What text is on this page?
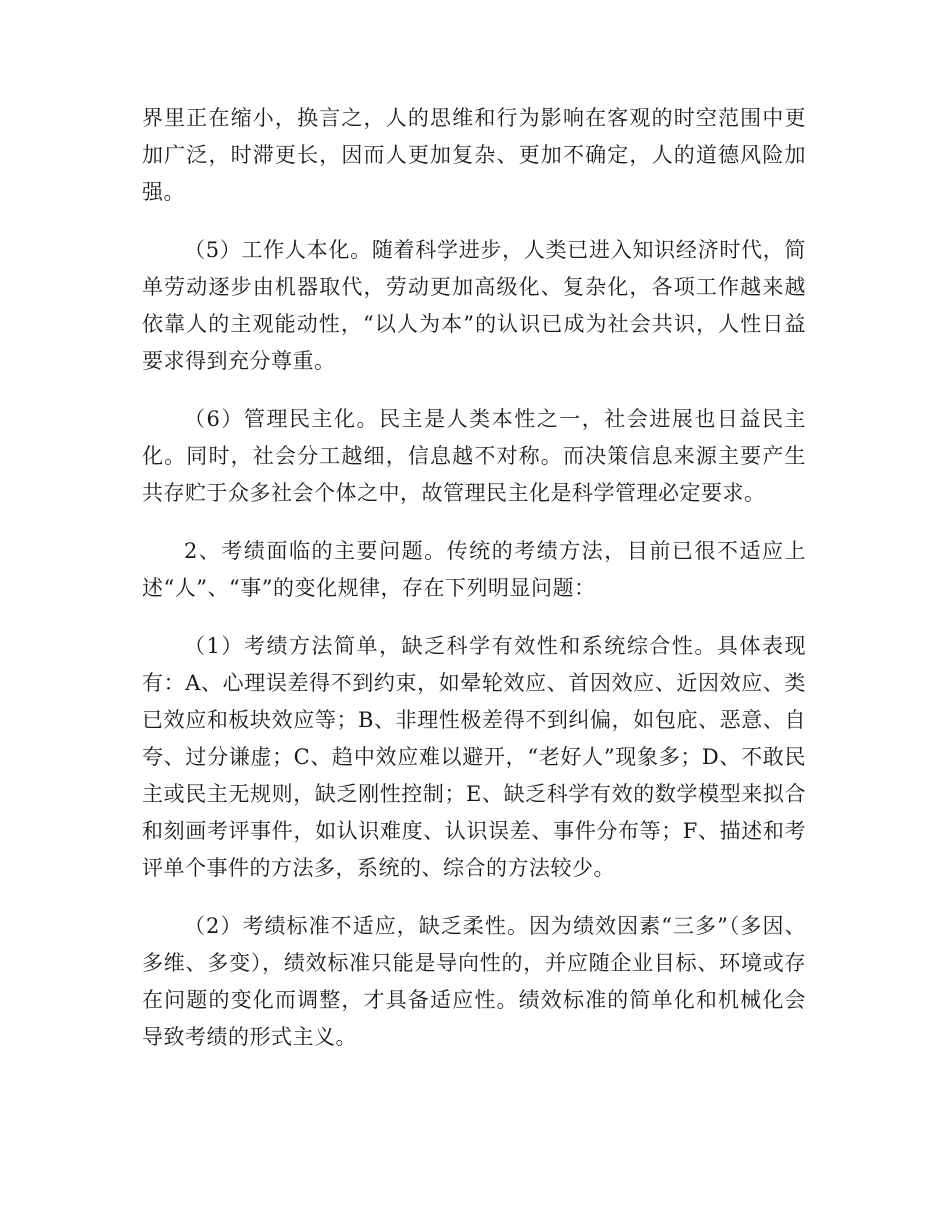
界里正在缩小，换言之，人的思维和行为影响在客观的时空范围中更加广泛，时滞更长，因而人更加复杂、更加不确定，人的道德风险加强。

（5）工作人本化。随着科学进步，人类已进入知识经济时代，简单劳动逐步由机器取代，劳动更加高级化、复杂化，各项工作越来越依靠人的主观能动性，“以人为本”的认识已成为社会共识，人性日益要求得到充分尊重。

（6）管理民主化。民主是人类本性之一，社会进展也日益民主化。同时，社会分工越细，信息越不对称。而决策信息来源主要产生共存贮于众多社会个体之中，故管理民主化是科学管理必定要求。

2、考绩面临的主要问题。传统的考绩方法，目前已很不适应上述“人”、“事”的变化规律，存在下列明显问题：

（1）考绩方法简单，缺乏科学有效性和系统综合性。具体表现有：A、心理误差得不到约束，如晕轮效应、首因效应、近因效应、类已效应和板块效应等；B、非理性极差得不到纠偏，如包庇、恶意、自夸、过分谦虚；C、趋中效应难以避开，“老好人”现象多；D、不敢民主或民主无规则，缺乏刚性控制；E、缺乏科学有效的数学模型来拟合和刻画考评事件，如认识难度、认识误差、事件分布等；F、描述和考评单个事件的方法多，系统的、综合的方法较少。

（2）考绩标准不适应，缺乏柔性。因为绩效因素“三多”（多因、多维、多变），绩效标准只能是导向性的，并应随企业目标、环境或存在问题的变化而调整，才具备适应性。绩效标准的简单化和机械化会导致考绩的形式主义。
